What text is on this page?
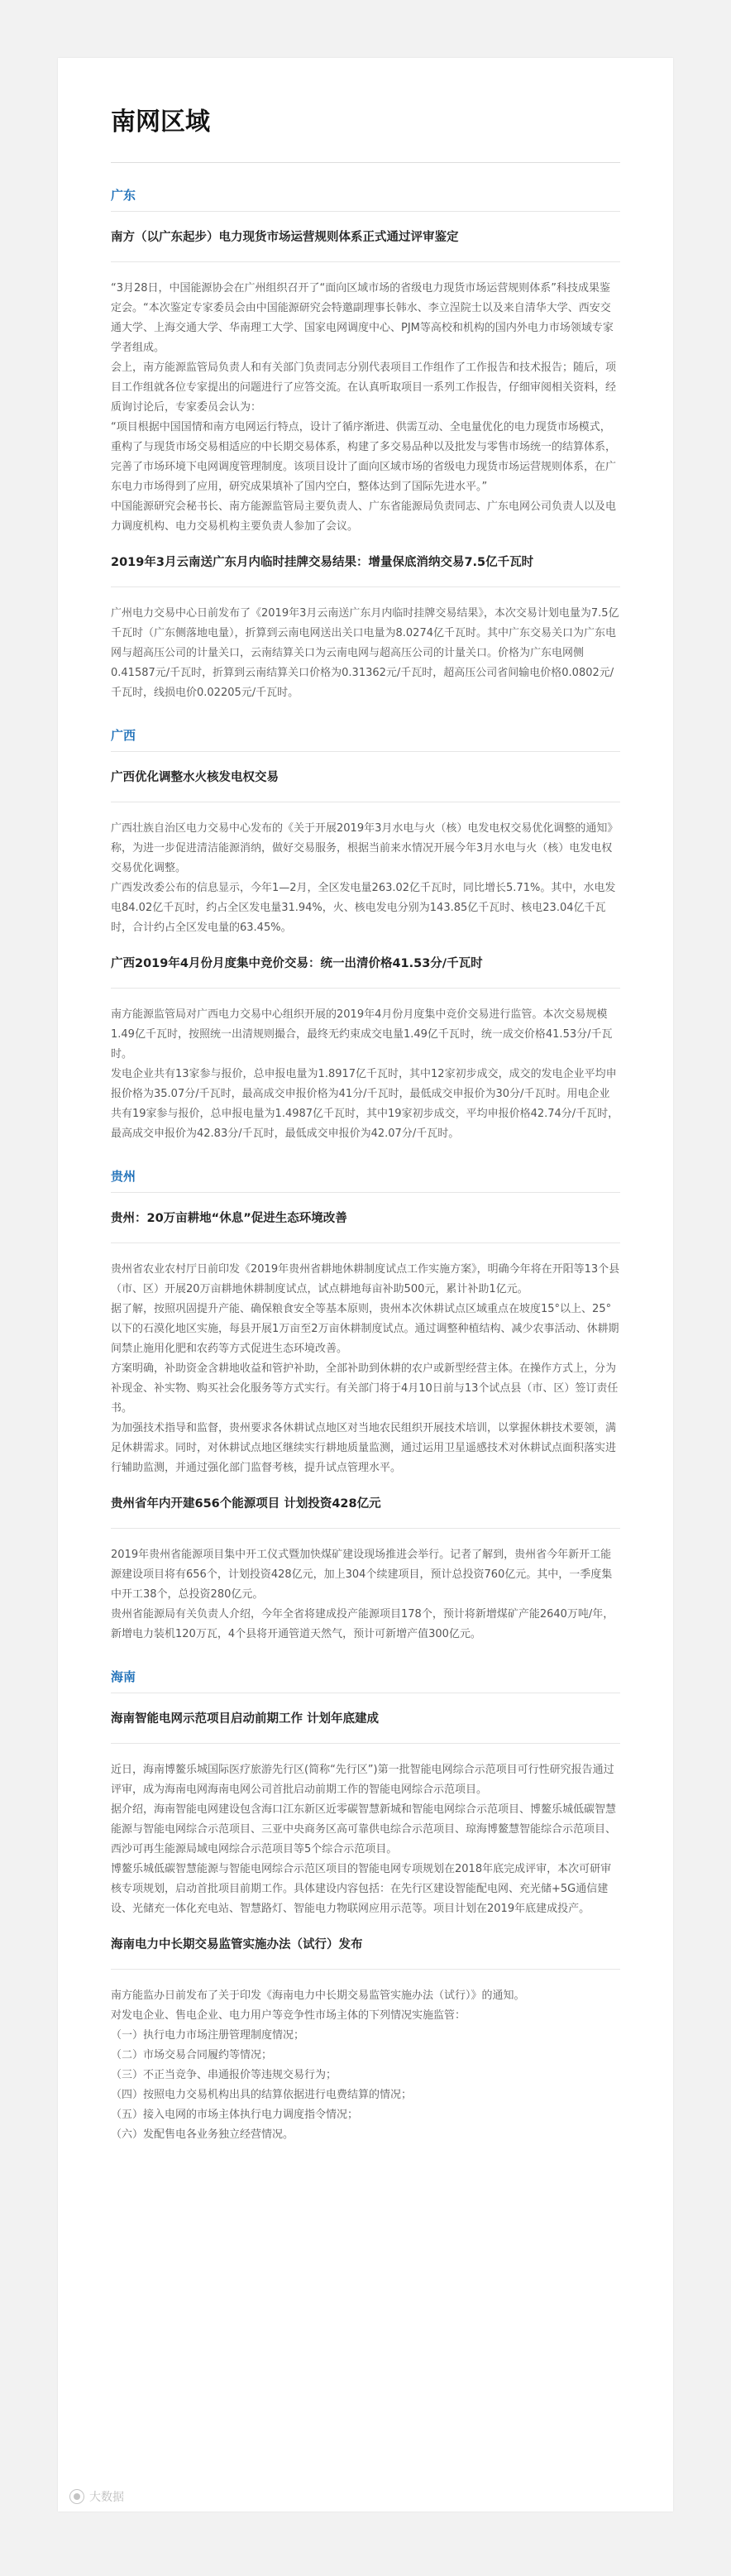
南网区域
广东
南方（以广东起步）电力现货市场运营规则体系正式通过评审鉴定

“3月28日，中国能源协会在广州组织召开了“面向区域市场的省级电力现货市场运营规则体系”科技成果鉴定会。“本次鉴定专家委员会由中国能源研究会特邀副理事长韩水、李立浧院士以及来自清华大学、西安交通大学、上海交通大学、华南理工大学、国家电网调度中心、PJM等高校和机构的国内外电力市场领域专家学者组成。

会上，南方能源监管局负责人和有关部门负责同志分别代表项目工作组作了工作报告和技术报告；随后，项目工作组就各位专家提出的问题进行了应答交流。在认真听取项目一系列工作报告，仔细审阅相关资料，经质询讨论后，专家委员会认为：

“项目根据中国国情和南方电网运行特点，设计了循序渐进、供需互动、全电量优化的电力现货市场模式，重构了与现货市场交易相适应的中长期交易体系，构建了多交易品种以及批发与零售市场统一的结算体系，完善了市场环境下电网调度管理制度。该项目设计了面向区域市场的省级电力现货市场运营规则体系，在广东电力市场得到了应用，研究成果填补了国内空白，整体达到了国际先进水平。”

中国能源研究会秘书长、南方能源监管局主要负责人、广东省能源局负责同志、广东电网公司负责人以及电力调度机构、电力交易机构主要负责人参加了会议。

2019年3月云南送广东月内临时挂牌交易结果：增量保底消纳交易7.5亿千瓦时

广州电力交易中心日前发布了《2019年3月云南送广东月内临时挂牌交易结果》，本次交易计划电量为7.5亿千瓦时（广东侧落地电量），折算到云南电网送出关口电量为8.0274亿千瓦时。其中广东交易关口为广东电网与超高压公司的计量关口，云南结算关口为云南电网与超高压公司的计量关口。价格为广东电网侧0.41587元/千瓦时，折算到云南结算关口价格为0.31362元/千瓦时，超高压公司省间输电价格0.0802元/千瓦时，线损电价0.02205元/千瓦时。

广西
广西优化调整水火核发电权交易

广西壮族自治区电力交易中心发布的《关于开展2019年3月水电与火（核）电发电权交易优化调整的通知》称，为进一步促进清洁能源消纳，做好交易服务，根据当前来水情况开展今年3月水电与火（核）电发电权交易优化调整。

广西发改委公布的信息显示，今年1—2月，全区发电量263.02亿千瓦时，同比增长5.71%。其中，水电发电84.02亿千瓦时，约占全区发电量31.94%，火、核电发电分别为143.85亿千瓦时、核电23.04亿千瓦时，合计约占全区发电量的63.45%。

广西2019年4月份月度集中竞价交易：统一出清价格41.53分/千瓦时

南方能源监管局对广西电力交易中心组织开展的2019年4月份月度集中竞价交易进行监管。本次交易规模1.49亿千瓦时，按照统一出清规则撮合，最终无约束成交电量1.49亿千瓦时，统一成交价格41.53分/千瓦时。

发电企业共有13家参与报价，总申报电量为1.8917亿千瓦时，其中12家初步成交，成交的发电企业平均申报价格为35.07分/千瓦时，最高成交申报价格为41分/千瓦时，最低成交申报价为30分/千瓦时。用电企业共有19家参与报价，总申报电量为1.4987亿千瓦时，其中19家初步成交，平均申报价格42.74分/千瓦时，最高成交申报价为42.83分/千瓦时，最低成交申报价为42.07分/千瓦时。

贵州
贵州：20万亩耕地“休息”促进生态环境改善

贵州省农业农村厅日前印发《2019年贵州省耕地休耕制度试点工作实施方案》，明确今年将在开阳等13个县（市、区）开展20万亩耕地休耕制度试点，试点耕地每亩补助500元，累计补助1亿元。

据了解，按照巩固提升产能、确保粮食安全等基本原则，贵州本次休耕试点区域重点在坡度15°以上、25°以下的石漠化地区实施，每县开展1万亩至2万亩休耕制度试点。通过调整种植结构、减少农事活动、休耕期间禁止施用化肥和农药等方式促进生态环境改善。

方案明确，补助资金含耕地收益和管护补助，全部补助到休耕的农户或新型经营主体。在操作方式上，分为补现金、补实物、购买社会化服务等方式实行。有关部门将于4月10日前与13个试点县（市、区）签订责任书。

为加强技术指导和监督，贵州要求各休耕试点地区对当地农民组织开展技术培训，以掌握休耕技术要领，满足休耕需求。同时，对休耕试点地区继续实行耕地质量监测，通过运用卫星遥感技术对休耕试点面积落实进行辅助监测，并通过强化部门监督考核，提升试点管理水平。

贵州省年内开建656个能源项目 计划投资428亿元

2019年贵州省能源项目集中开工仪式暨加快煤矿建设现场推进会举行。记者了解到，贵州省今年新开工能源建设项目将有656个，计划投资428亿元，加上304个续建项目，预计总投资760亿元。其中，一季度集中开工38个，总投资280亿元。

贵州省能源局有关负责人介绍，今年全省将建成投产能源项目178个，预计将新增煤矿产能2640万吨/年，新增电力装机120万瓦，4个县将开通管道天然气，预计可新增产值300亿元。

海南
海南智能电网示范项目启动前期工作 计划年底建成

近日，海南博鳌乐城国际医疗旅游先行区(简称“先行区”)第一批智能电网综合示范项目可行性研究报告通过评审，成为海南电网海南电网公司首批启动前期工作的智能电网综合示范项目。

据介绍，海南智能电网建设包含海口江东新区近零碳智慧新城和智能电网综合示范项目、博鳌乐城低碳智慧能源与智能电网综合示范项目、三亚中央商务区高可靠供电综合示范项目、琼海博鳌慧智能综合示范项目、西沙可再生能源局域电网综合示范项目等5个综合示范项目。

博鳌乐城低碳智慧能源与智能电网综合示范区项目的智能电网专项规划在2018年底完成评审，本次可研审核专项规划，启动首批项目前期工作。具体建设内容包括：在先行区建设智能配电网、充光储+5G通信建设、光储充一体化充电站、智慧路灯、智能电力物联网应用示范等。项目计划在2019年底建成投产。

海南电力中长期交易监管实施办法（试行）发布

南方能监办日前发布了关于印发《海南电力中长期交易监管实施办法（试行）》的通知。

对发电企业、售电企业、电力用户等竞争性市场主体的下列情况实施监管：

（一）执行电力市场注册管理制度情况；

（二）市场交易合同履约等情况；

（三）不正当竞争、串通报价等违规交易行为；

（四）按照电力交易机构出具的结算依据进行电费结算的情况；

（五）接入电网的市场主体执行电力调度指令情况；

（六）发配售电各业务独立经营情况。

大数据
